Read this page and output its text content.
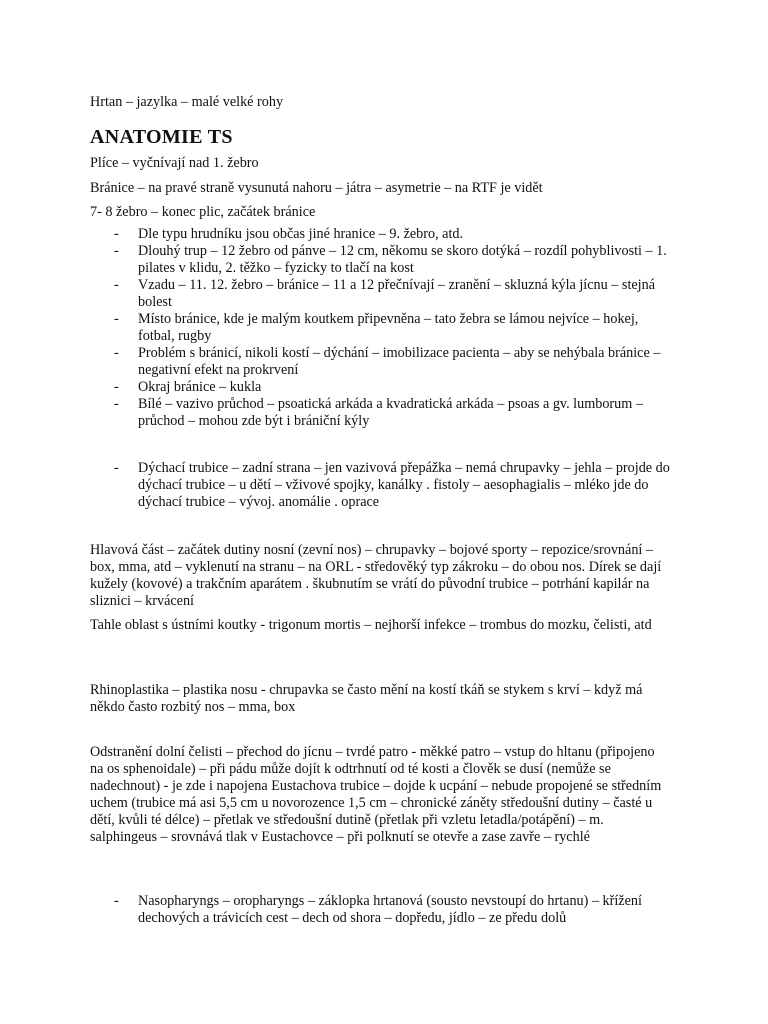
Hrtan – jazylka – malé velké rohy

ANATOMIE TS

Plíce – vyčnívají nad 1. žebro

Bránice – na pravé straně vysunutá nahoru – játra – asymetrie – na RTF je vidět

7- 8 žebro – konec plic, začátek bránice

- Dle typu hrudníku jsou občas jiné hranice – 9. žebro, atd.
- Dlouhý trup – 12 žebro od pánve – 12 cm, někomu se skoro dotýká – rozdíl pohyblivosti – 1. pilates v klidu, 2. těžko – fyzicky to tlačí na kost
- Vzadu – 11. 12. žebro – bránice – 11 a 12 přečnívají – zranění – skluzná kýla jícnu – stejná bolest
- Místo bránice, kde je malým koutkem připevněna – tato žebra se lámou nejvíce – hokej, fotbal, rugby
- Problém s bránicí, nikoli kostí – dýchání – imobilizace pacienta – aby se nehýbala bránice – negativní efekt na prokrvení
- Okraj bránice – kukla
- Bílé – vazivo průchod – psoatická arkáda a kvadratická arkáda – psoas a gv. lumborum – průchod – mohou zde být i brániční kýly
- Dýchací trubice – zadní strana – jen vazivová přepážka – nemá chrupavky – jehla – projde do dýchací trubice – u dětí – vživové spojky, kanálky . fistoly – aesophagialis – mléko jde do dýchací trubice – vývoj. anomálie . oprace

Hlavová část – začátek dutiny nosní (zevní nos) – chrupavky – bojové sporty – repozice/srovnání – box, mma, atd – vyklenutí na stranu – na ORL - středověký typ zákroku – do obou nos. Dírek se dají kužely (kovové) a trakčním aparátem . škubnutím se vrátí do původní trubice – potrhání kapilár na sliznici – krvácení

Tahle oblast s ústními koutky - trigonum mortis – nejhorší infekce – trombus do mozku, čelisti, atd

Rhinoplastika – plastika nosu - chrupavka se často mění na kostí tkáň se stykem s krví – když má někdo často rozbitý nos – mma, box

Odstranění dolní čelisti – přechod do jícnu – tvrdé patro - měkké patro – vstup do hltanu (připojeno na os sphenoidale) – při pádu může dojít k odtrhnutí od té kosti a člověk se dusí (nemůže se nadechnout) - je zde i napojena Eustachova trubice – dojde k ucpání – nebude propojené se středním uchem (trubice má asi 5,5 cm u novorozence 1,5 cm – chronické záněty středoušní dutiny – časté u dětí, kvůli té délce) – přetlak ve středoušní dutině (přetlak při vzletu letadla/potápění) – m. salphingeus – srovnává tlak v Eustachovce – při polknutí se otevře a zase zavře – rychlé

- Nasopharyngs – oropharyngs – záklopka hrtanová (sousto nevstoupí do hrtanu) – křížení dechových a trávicích cest – dech od shora – dopředu, jídlo – ze předu dolů
